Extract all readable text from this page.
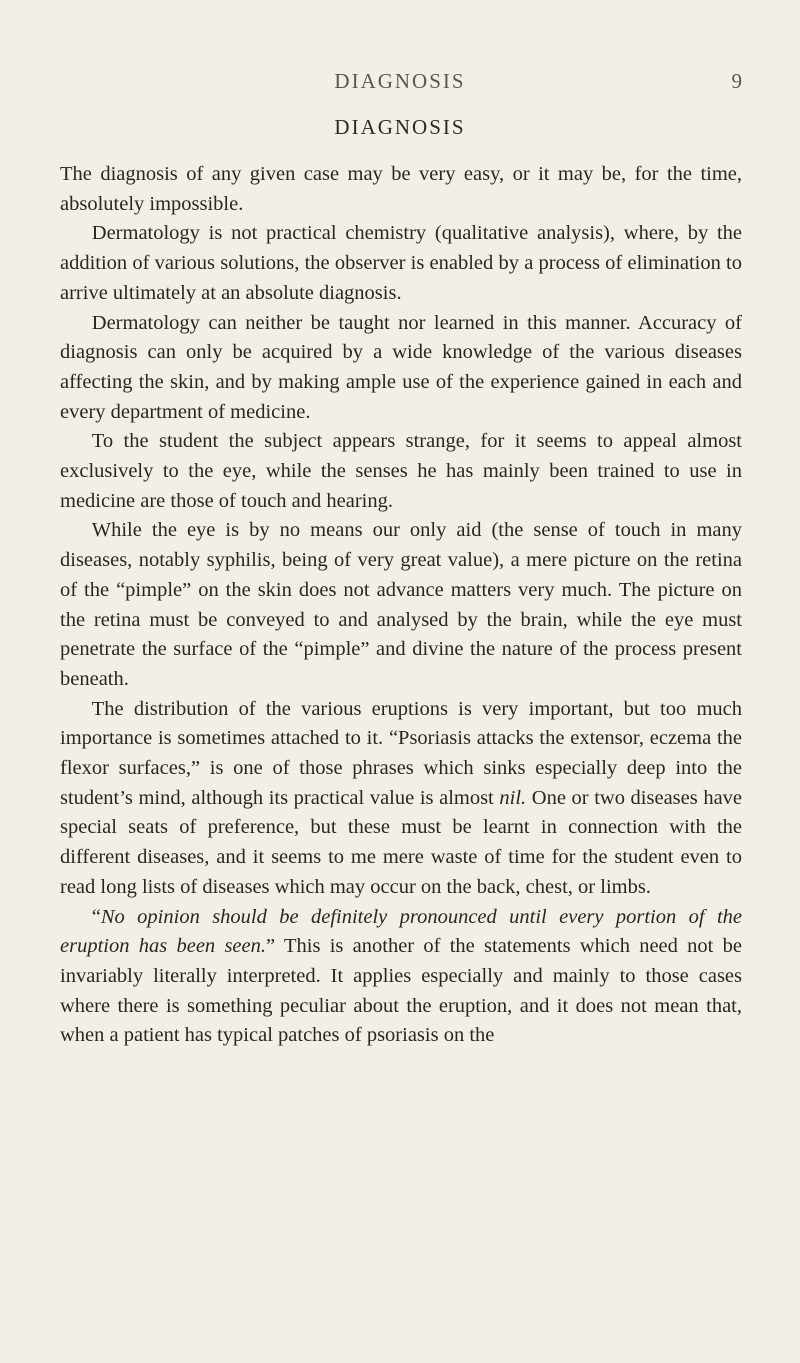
DIAGNOSIS	9
DIAGNOSIS

The diagnosis of any given case may be very easy, or it may be, for the time, absolutely impossible.

Dermatology is not practical chemistry (qualitative analysis), where, by the addition of various solutions, the observer is enabled by a process of elimination to arrive ultimately at an absolute diagnosis.

Dermatology can neither be taught nor learned in this manner. Accuracy of diagnosis can only be acquired by a wide knowledge of the various diseases affecting the skin, and by making ample use of the experience gained in each and every department of medicine.

To the student the subject appears strange, for it seems to appeal almost exclusively to the eye, while the senses he has mainly been trained to use in medicine are those of touch and hearing.

While the eye is by no means our only aid (the sense of touch in many diseases, notably syphilis, being of very great value), a mere picture on the retina of the “pimple” on the skin does not advance matters very much. The picture on the retina must be conveyed to and analysed by the brain, while the eye must penetrate the surface of the “pimple” and divine the nature of the process present beneath.

The distribution of the various eruptions is very important, but too much importance is sometimes attached to it. “Psoriasis attacks the extensor, eczema the flexor surfaces,” is one of those phrases which sinks especially deep into the student’s mind, although its practical value is almost nil. One or two diseases have special seats of preference, but these must be learnt in connection with the different diseases, and it seems to me mere waste of time for the student even to read long lists of diseases which may occur on the back, chest, or limbs.

“No opinion should be definitely pronounced until every portion of the eruption has been seen.” This is another of the statements which need not be invariably literally interpreted. It applies especially and mainly to those cases where there is something peculiar about the eruption, and it does not mean that, when a patient has typical patches of psoriasis on the
